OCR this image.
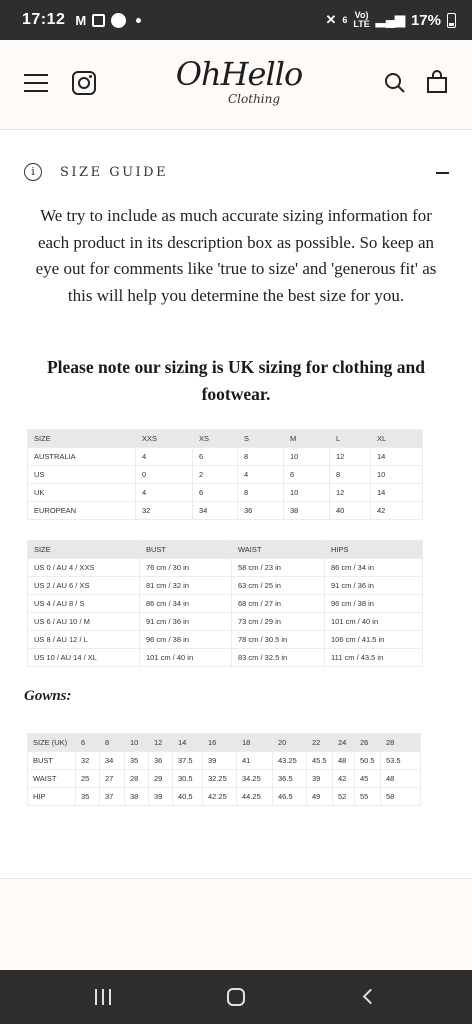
17:12 M	✕ 6 Vo)
LTE ▂▄▆ 17%
OhHello
Clothing
i	SIZE GUIDE

We try to include as much accurate sizing information for each product in its description box as possible. So keep an eye out for comments like 'true to size' and 'generous fit' as this will help you determine the best size for you.

Please note our sizing is UK sizing for clothing and footwear.

SIZE	XXS	XS	S	M	L	XL
AUSTRALIA	4	6	8	10	12	14
US	0	2	4	6	8	10
UK	4	6	8	10	12	14
EUROPEAN	32	34	36	38	40	42
SIZE	BUST	WAIST	HIPS
US 0 / AU 4 / XXS	76 cm / 30 in	58 cm / 23 in	86 cm / 34 in
US 2 / AU 6 / XS	81 cm / 32 in	63 cm / 25 in	91 cm / 36 in
US 4 / AU 8 / S	86 cm / 34 in	68 cm / 27 in	96 cm / 38 in
US 6 / AU 10 / M	91 cm / 36 in	73 cm / 29 in	101 cm / 40 in
US 8 / AU 12 / L	96 cm / 38 in	78 cm / 30.5 in	106 cm / 41.5 in
US 10 / AU 14 / XL	101 cm / 40 in	83 cm / 32.5 in	111 cm / 43.5 in
Gowns:
SIZE (UK)	6	8	10	12	14	16	18	20	22	24	26	28
BUST	32	34	35	36	37.5	39	41	43.25	45.5	48	50.5	53.5
WAIST	25	27	28	29	30.5	32.25	34.25	36.5	39	42	45	48
HIP	35	37	38	39	40.5	42.25	44.25	46.5	49	52	55	58
